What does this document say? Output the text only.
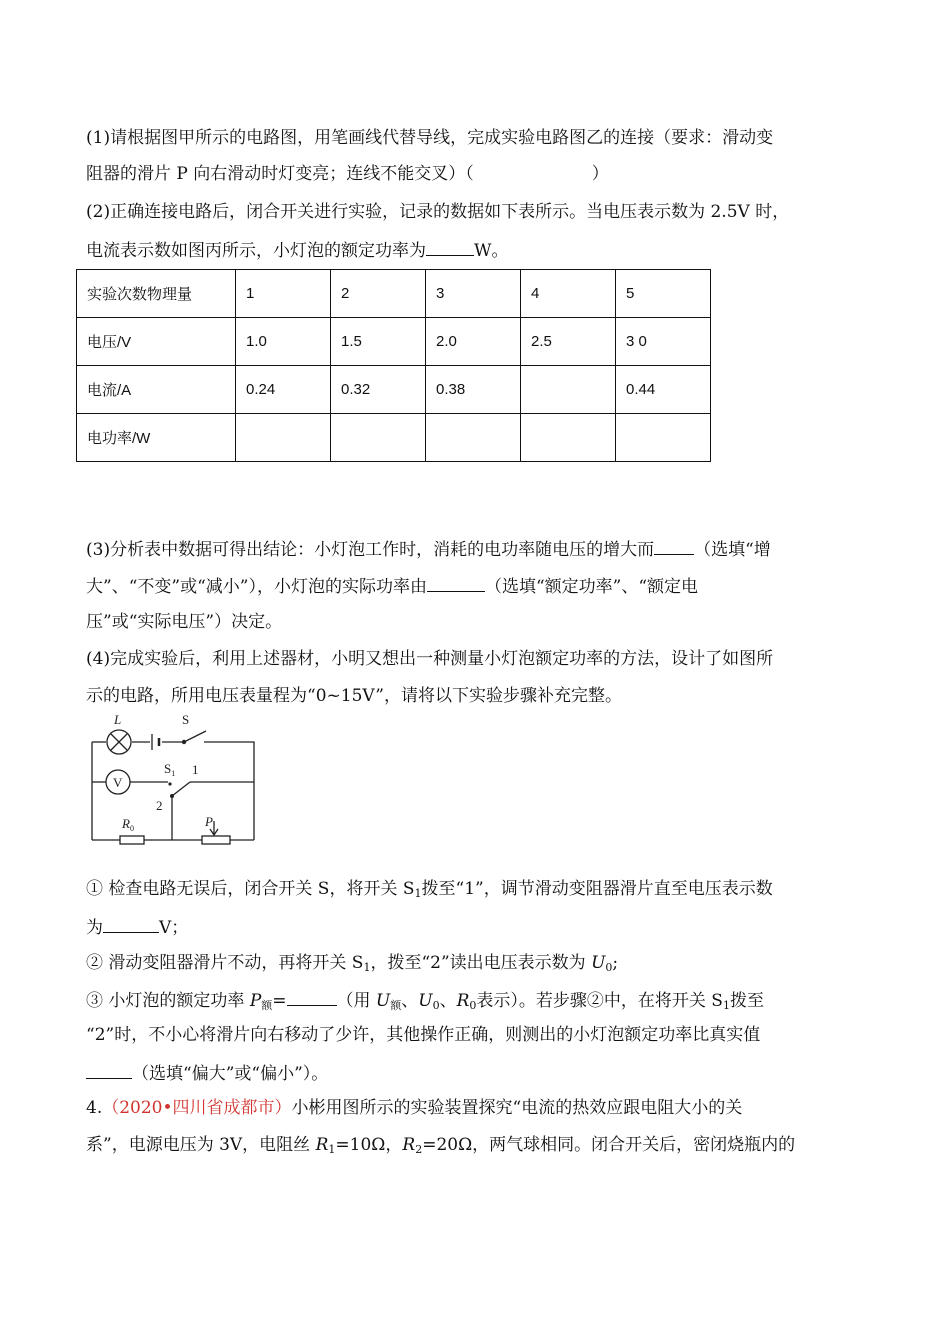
(1)请根据图甲所示的电路图，用笔画线代替导线，完成实验电路图乙的连接（要求：滑动变
阻器的滑片 P 向右滑动时灯变亮；连线不能交叉）（	）
(2)正确连接电路后，闭合开关进行实验，记录的数据如下表所示。当电压表示数为 2.5V 时，
电流表示数如图丙所示，小灯泡的额定功率为	W。
实验次数物理量	1	2	3	4	5
电压/V	1.0	1.5	2.0	2.5	3 0
电流/A	0.24	0.32	0.38		0.44
电功率/W					
(3)分析表中数据可得出结论：小灯泡工作时，消耗的电功率随电压的增大而 （选填“增
大”、“不变”或“减小”），小灯泡的实际功率由	（选填“额定功率”、“额定电
压”或“实际电压”）决定。
(4)完成实验后，利用上述器材，小明又想出一种测量小灯泡额定功率的方法，设计了如图所
示的电路，所用电压表量程为“0~15V”，请将以下实验步骤补充完整。
L	S
V
$S_1$ 1
2
$R_0$	P
① 检查电路无误后，闭合开关 S，将开关 $S_1$拨至“1”，调节滑动变阻器滑片直至电压表示数
为	V；
② 滑动变阻器滑片不动，再将开关 $S_1$，拨至“2”读出电压表示数为 $U_0$;
③ 小灯泡的额定功率 $P_额=$	（用 $U_额$、$U_0$、$R_0$表示）。若步骤②中，在将开关 $S_1$拨至
“2”时，不小心将滑片向右移动了少许，其他操作正确，则测出的小灯泡额定功率比真实值
（选填“偏大”或“偏小”）。
4.（2020•四川省成都市）小彬用图所示的实验装置探究“电流的热效应跟电阻大小的关
系”，电源电压为 3V，电阻丝 $R_1=10\Omega$，$R_2=20\Omega$，两气球相同。闭合开关后，密闭烧瓶内的
